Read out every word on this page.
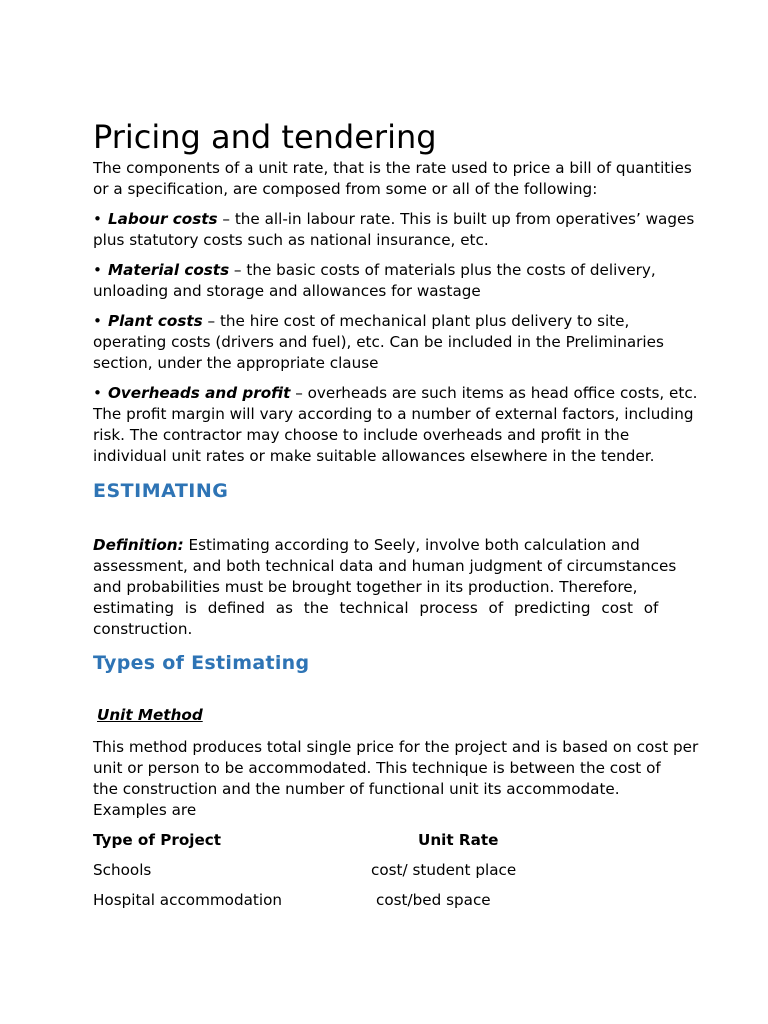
Pricing and tendering
The components of a unit rate, that is the rate used to price a bill of quantities
or a specification, are composed from some or all of the following:
• Labour costs – the all-in labour rate. This is built up from operatives’ wages
plus statutory costs such as national insurance, etc.
• Material costs – the basic costs of materials plus the costs of delivery,
unloading and storage and allowances for wastage
• Plant costs – the hire cost of mechanical plant plus delivery to site,
operating costs (drivers and fuel), etc. Can be included in the Preliminaries
section, under the appropriate clause
• Overheads and profit – overheads are such items as head office costs, etc.
The profit margin will vary according to a number of external factors, including
risk. The contractor may choose to include overheads and profit in the
individual unit rates or make suitable allowances elsewhere in the tender.
ESTIMATING
Definition: Estimating according to Seely, involve both calculation and
assessment, and both technical data and human judgment of circumstances
and probabilities must be brought together in its production. Therefore,
estimating is defined as the technical process of predicting cost of
construction.
Types of Estimating
Unit Method
This method produces total single price for the project and is based on cost per
unit or person to be accommodated. This technique is between the cost of
the construction and the number of functional unit its accommodate.
Examples are
Type of Project	Unit Rate
Schools	cost/ student place
Hospital accommodation	cost/bed space
